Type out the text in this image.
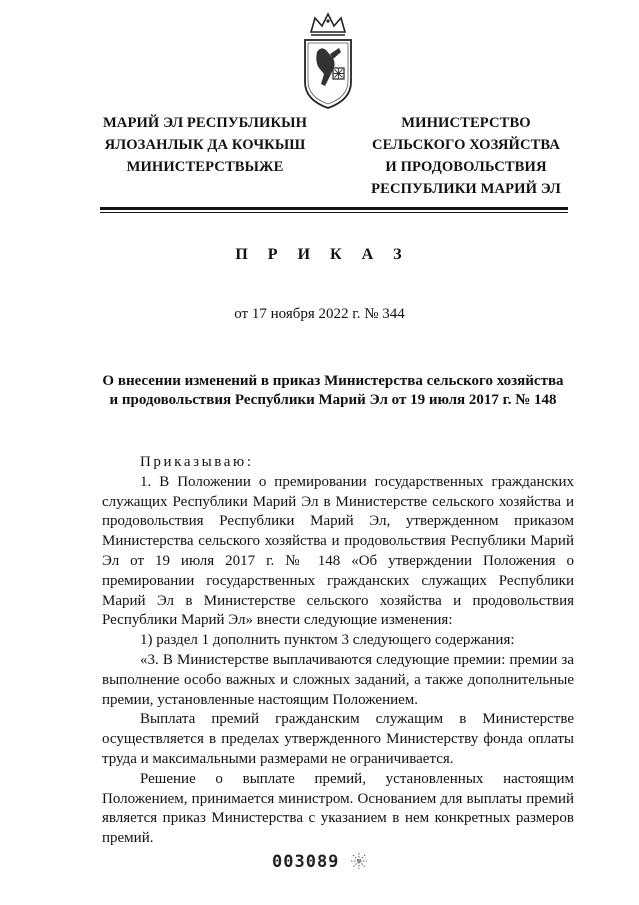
МАРИЙ ЭЛ РЕСПУБЛИКЫН
ЯЛОЗАНЛЫК ДА КОЧКЫШ
МИНИСТЕРСТВЫЖЕ
МИНИСТЕРСТВО
СЕЛЬСКОГО ХОЗЯЙСТВА
И ПРОДОВОЛЬСТВИЯ
РЕСПУБЛИКИ МАРИЙ ЭЛ
П Р И К А З
от 17 ноября 2022 г. № 344
О внесении изменений в приказ Министерства сельского хозяйства
и продовольствия Республики Марий Эл от 19 июля 2017 г. № 148

Приказываю:

1. В Положении о премировании государственных гражданских служащих Республики Марий Эл в Министерстве сельского хозяйства и продовольствия Республики Марий Эл, утвержденном приказом Министерства сельского хозяйства и продовольствия Республики Марий Эл от 19 июля 2017 г. № 148 «Об утверждении Положения о премировании государственных гражданских служащих Республики Марий Эл в Министерстве сельского хозяйства и продовольствия Республики Марий Эл» внести следующие изменения:

1) раздел 1 дополнить пунктом 3 следующего содержания:

«3. В Министерстве выплачиваются следующие премии: премии за выполнение особо важных и сложных заданий, а также дополнительные премии, установленные настоящим Положением.

Выплата премий гражданским служащим в Министерстве осуществляется в пределах утвержденного Министерству фонда оплаты труда и максимальными размерами не ограничивается.

Решение о выплате премий, установленных настоящим Положением, принимается министром. Основанием для выплаты премий является приказ Министерства с указанием в нем конкретных размеров премий.

003089
